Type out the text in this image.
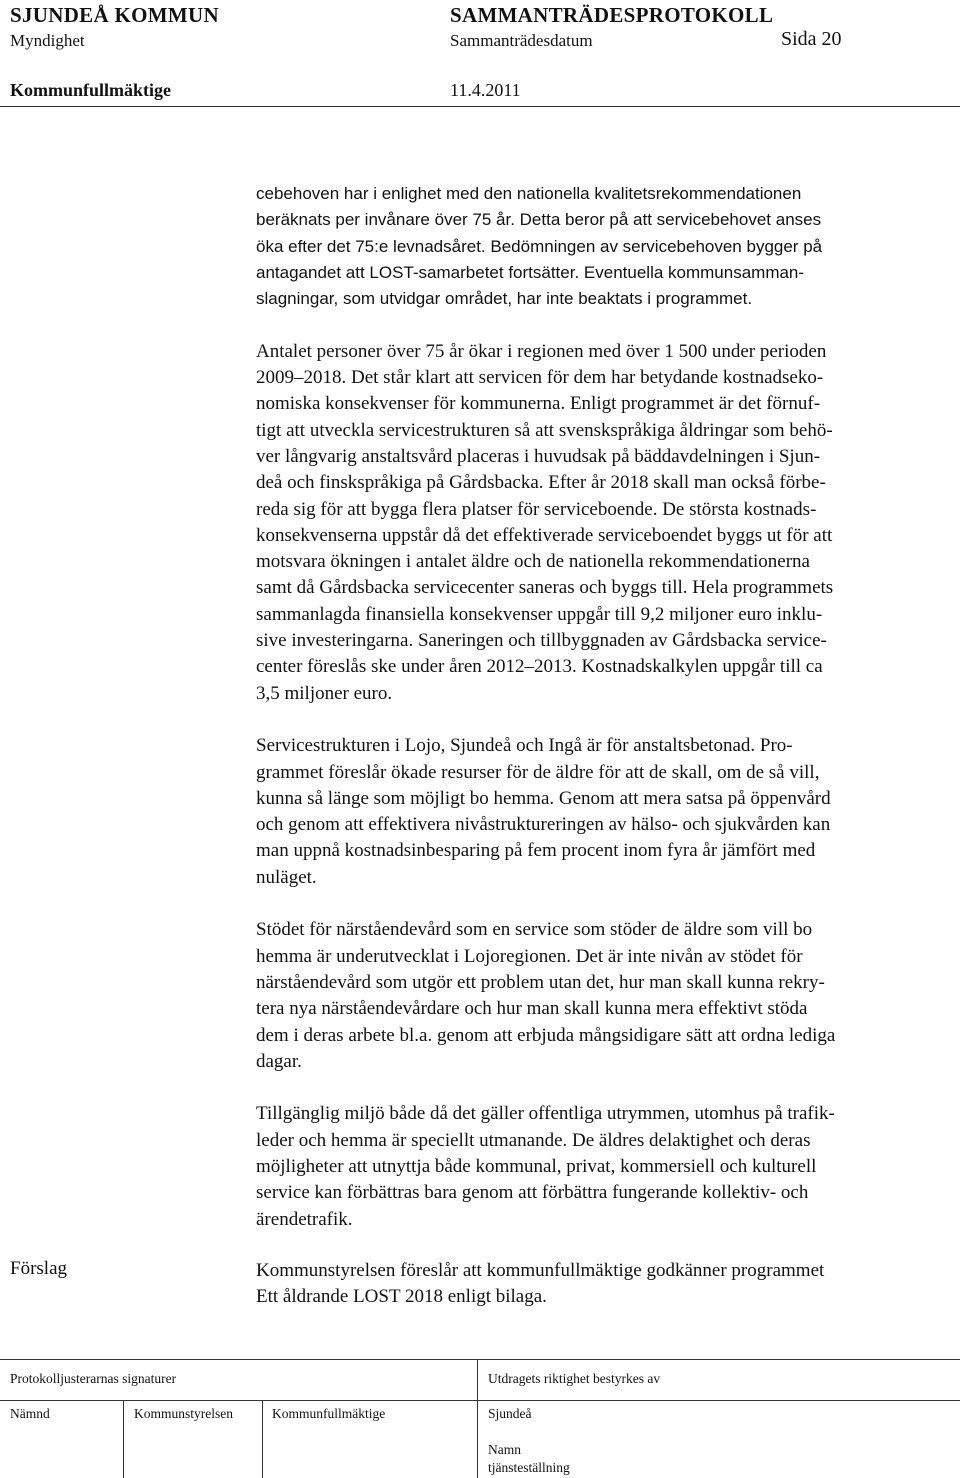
SJUNDEÅ KOMMUN	SAMMANTRÄDESPROTOKOLL
Myndighet	Sammanträdesdatum	Sida 20
Kommunfullmäktige	11.4.2011

cebehoven har i enlighet med den nationella kvalitetsrekommendationen
beräknats per invånare över 75 år. Detta beror på att servicebehovet anses
öka efter det 75:e levnadsåret. Bedömningen av servicebehoven bygger på
antagandet att LOST-samarbetet fortsätter. Eventuella kommunsamman-
slagningar, som utvidgar området, har inte beaktats i programmet.

Antalet personer över 75 år ökar i regionen med över 1 500 under perioden
2009–2018. Det står klart att servicen för dem har betydande kostnadseko-
nomiska konsekvenser för kommunerna. Enligt programmet är det förnuf-
tigt att utveckla servicestrukturen så att svenskspråkiga åldringar som behö-
ver långvarig anstaltsvård placeras i huvudsak på bäddavdelningen i Sjun-
deå och finskspråkiga på Gårdsbacka. Efter år 2018 skall man också förbe-
reda sig för att bygga flera platser för serviceboende. De största kostnads-
konsekvenserna uppstår då det effektiverade serviceboendet byggs ut för att
motsvara ökningen i antalet äldre och de nationella rekommendationerna
samt då Gårdsbacka servicecenter saneras och byggs till. Hela programmets
sammanlagda finansiella konsekvenser uppgår till 9,2 miljoner euro inklu-
sive investeringarna. Saneringen och tillbyggnaden av Gårdsbacka service-
center föreslås ske under åren 2012–2013. Kostnadskalkylen uppgår till ca
3,5 miljoner euro.

Servicestrukturen i Lojo, Sjundeå och Ingå är för anstaltsbetonad. Pro-
grammet föreslår ökade resurser för de äldre för att de skall, om de så vill,
kunna så länge som möjligt bo hemma. Genom att mera satsa på öppenvård
och genom att effektivera nivåstruktureringen av hälso- och sjukvården kan
man uppnå kostnadsinbesparing på fem procent inom fyra år jämfört med
nuläget.

Stödet för närståendevård som en service som stöder de äldre som vill bo
hemma är underutvecklat i Lojoregionen. Det är inte nivån av stödet för
närståendevård som utgör ett problem utan det, hur man skall kunna rekry-
tera nya närståendevårdare och hur man skall kunna mera effektivt stöda
dem i deras arbete bl.a. genom att erbjuda mångsidigare sätt att ordna lediga
dagar.

Tillgänglig miljö både då det gäller offentliga utrymmen, utomhus på trafik-
leder och hemma är speciellt utmanande. De äldres delaktighet och deras
möjligheter att utnyttja både kommunal, privat, kommersiell och kulturell
service kan förbättras bara genom att förbättra fungerande kollektiv- och
ärendetrafik.

Förslag	Kommunstyrelsen föreslår att kommunfullmäktige godkänner programmet
Ett åldrande LOST 2018 enligt bilaga.
Protokolljusterarnas signaturer	Utdragets riktighet bestyrkes av
Nämnd	Kommunstyrelsen	Kommunfullmäktige	Sjundeå
Namn
tjänsteställning
